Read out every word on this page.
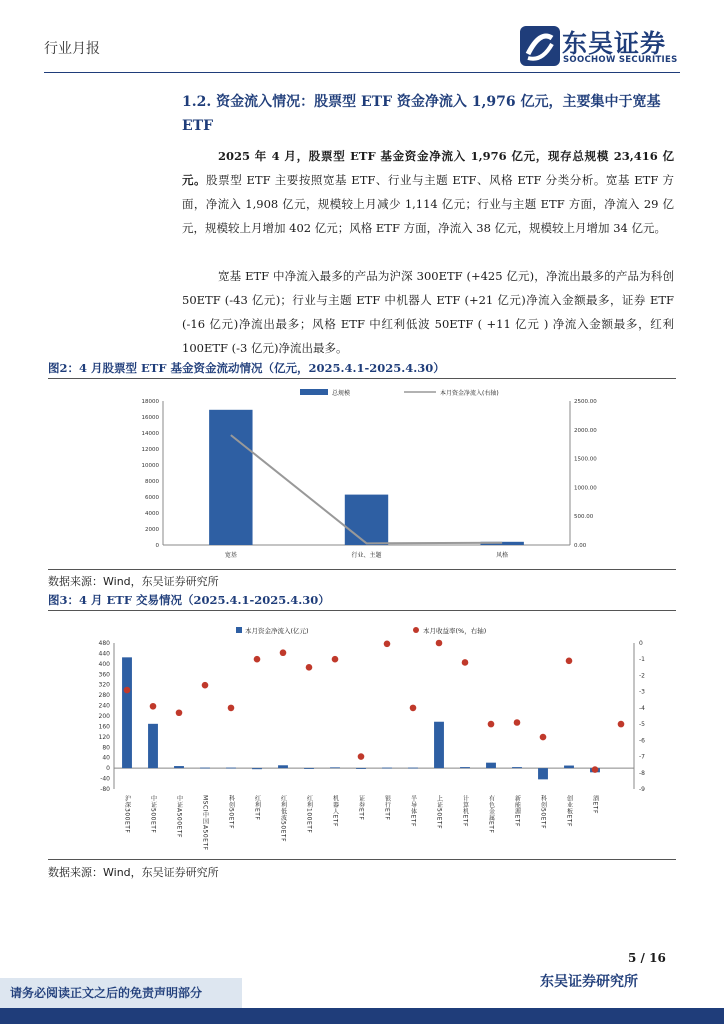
行业月报	东吴证券
SOOCHOW SECURITIES
1.2. 资金流入情况：股票型 ETF 资金净流入 1,976 亿元，主要集中于宽基
ETF
2025 年 4 月，股票型 ETF 基金资金净流入 1,976 亿元，现存总规模 23,416 亿元。股票型 ETF 主要按照宽基 ETF、行业与主题 ETF、风格 ETF 分类分析。宽基 ETF 方面，净流入 1,908 亿元，规模较上月减少 1,114 亿元；行业与主题 ETF 方面，净流入 29 亿元，规模较上月增加 402 亿元；风格 ETF 方面，净流入 38 亿元，规模较上月增加 34 亿元。
宽基 ETF 中净流入最多的产品为沪深 300ETF (+425 亿元)，净流出最多的产品为科创 50ETF (-43 亿元)；行业与主题 ETF 中机器人 ETF (+21 亿元)净流入金额最多，证券 ETF (-16 亿元)净流出最多；风格 ETF 中红利低波 50ETF ( +11 亿元 ) 净流入金额最多，红利 100ETF (-3 亿元)净流出最多。
图2：4 月股票型 ETF 基金资金流动情况（亿元，2025.4.1-2025.4.30）
0
2000
4000
6000
8000
10000
12000
14000
16000
18000
0.00
500.00
1000.00
1500.00
2000.00
2500.00
宽基	行业、主题	风格
总规模	本月资金净流入(右轴)
数据来源：Wind，东吴证券研究所
图3：4 月 ETF 交易情况（2025.4.1-2025.4.30）
-80
-40
0
40
80
120
160
200
240
280
320
360
400
440
480
-9
-8
-7
-6
-5
-4
-3
-2
-1
0
沪深300ETF	中证500ETF	中证A500ETF	MSCI中国A50ETF	科创50ETF	红利ETF	红利低波50ETF	红利100ETF	机器人ETF	证券ETF	银行ETF	半导体ETF	上证50ETF	计算机ETF	有色金属ETF	新能源ETF	科创50ETF	创业板ETF	酒ETF
本月资金净流入(亿元)	本月收益率(%，右轴)
数据来源：Wind，东吴证券研究所
5 / 16
东吴证券研究所
请务必阅读正文之后的免责声明部分
